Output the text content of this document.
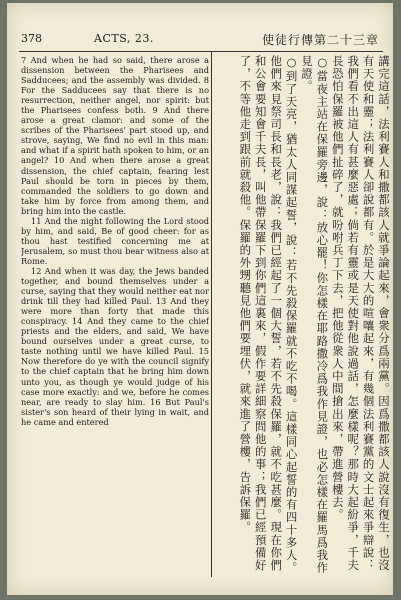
378	ACTS, 23.	使徒行傳第二十三章

7 And when he had so said, there arose a dissension between the Pharisees and Sadducees; and the assembly was divided. 8 For the Sadducees say that there is no resurrection, neither angel, nor spirit: but the Pharisees confess both. 9 And there arose a great clamor: and some of the scribes of the Pharisees' part stood up, and strove, saying, We find no evil in this man: and what if a spirit hath spoken to him, or an angel? 10 And when there arose a great dissension, the chief captain, fearing lest Paul should be torn in pieces by them, commanded the soldiers to go down and take him by force from among them, and bring him into the castle.

11 And the night following the Lord stood by him, and said, Be of good cheer: for as thou hast testified concerning me at Jerusalem, so must thou bear witness also at Rome.

12 And when it was day, the Jews banded together, and bound themselves under a curse, saying that they would neither eat nor drink till they had killed Paul. 13 And they were more than forty that made this conspiracy. 14 And they came to the chief priests and the elders, and said, We have bound ourselves under a great curse, to taste nothing until we have killed Paul. 15 Now therefore do ye with the council signify to the chief captain that he bring him down unto you, as though ye would judge of his case more exactly: and we, before he comes near, are ready to slay him. 16 But Paul's sister's son heard of their lying in wait, and he came and entered	講完這話，法利賽人和撒都該人就爭論起來，會衆分爲兩黨。因爲撒都該人說沒有復生，也沒有天使和靈；法利賽人卻說都有。於是大大的喧嚷起來，有幾個法利賽黨的文士起來爭辯說：我們看不出這人有甚麼惡處；倘若有靈或是天使對他說過話，怎麼樣呢？那時大起紛爭，千夫長恐怕保羅被他們扯碎了，就吩咐兵丁下去，把他從衆人中間搶出來，帶進營樓去。

○當夜主站在保羅旁邊，說：放心罷！你怎樣在耶路撒冷爲我作見證，也必怎樣在羅馬爲我作見證。

○到了天亮，猶太人同謀起誓，說：若不先殺保羅就不吃不喝。這樣同心起誓的有四十多人。他們來見祭司長和長老，說：我們已經起了一個大誓，若不先殺保羅，就不吃甚麼。現在你們和公會要知會千夫長，叫他帶保羅下到你們這裏來，假作要詳細察問他的事；我們已經預備好了，不等他走到跟前就殺他。保羅的外甥聽見他們要埋伏，就來進了營樓，告訴保羅。
